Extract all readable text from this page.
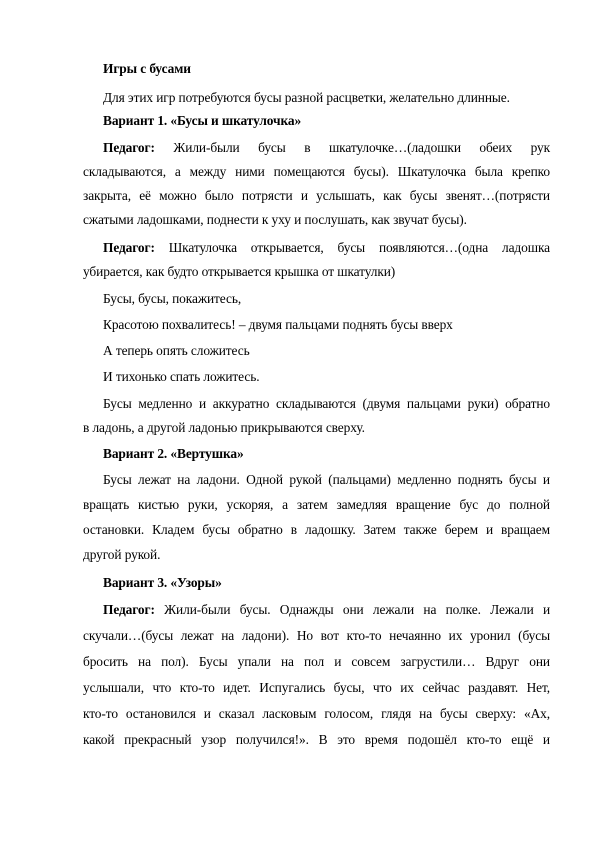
Игры с бусами
Для этих игр потребуются бусы разной расцветки, желательно длинные.
Вариант 1. «Бусы и шкатулочка»
Педагог: Жили-были бусы в шкатулочке…(ладошки обеих рук
складываются, а между ними помещаются бусы). Шкатулочка была крепко
закрыта, её можно было потрясти и услышать, как бусы звенят…(потрясти
сжатыми ладошками, поднести к уху и послушать, как звучат бусы).
Педагог: Шкатулочка открывается, бусы появляются…(одна ладошка
убирается, как будто открывается крышка от шкатулки)
Бусы, бусы, покажитесь,
Красотою похвалитесь! – двумя пальцами поднять бусы вверх
А теперь опять сложитесь
И тихонько спать ложитесь.
Бусы медленно и аккуратно складываются (двумя пальцами руки) обратно
в ладонь, а другой ладонью прикрываются сверху.
Вариант 2. «Вертушка»
Бусы лежат на ладони. Одной рукой (пальцами) медленно поднять бусы и
вращать кистью руки, ускоряя, а затем замедляя вращение бус до полной
остановки. Кладем бусы обратно в ладошку. Затем также берем и вращаем
другой рукой.
Вариант 3. «Узоры»
Педагог: Жили-были бусы. Однажды они лежали на полке. Лежали и
скучали…(бусы лежат на ладони). Но вот кто-то нечаянно их уронил (бусы
бросить на пол). Бусы упали на пол и совсем загрустили… Вдруг они
услышали, что кто-то идет. Испугались бусы, что их сейчас раздавят. Нет,
кто-то остановился и сказал ласковым голосом, глядя на бусы сверху: «Ах,
какой прекрасный узор получился!». В это время подошёл кто-то ещё и
